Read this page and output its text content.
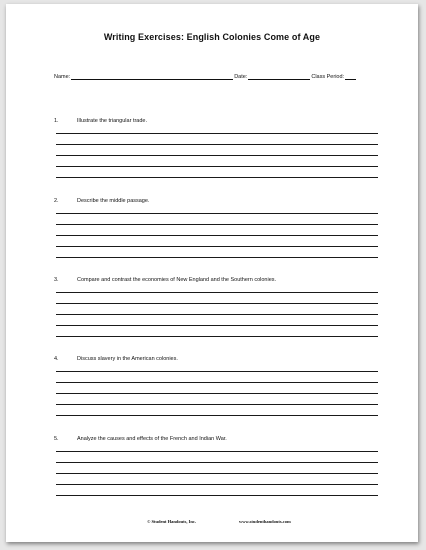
Writing Exercises: English Colonies Come of Age
Name:	Date:	Class Period:
1.	Illustrate the triangular trade.
2.	Describe the middle passage.
3.	Compare and contrast the economies of New England and the Southern colonies.
4.	Discuss slavery in the American colonies.
5.	Analyze the causes and effects of the French and Indian War.
© Student Handouts, Inc.	www.studenthandouts.com
